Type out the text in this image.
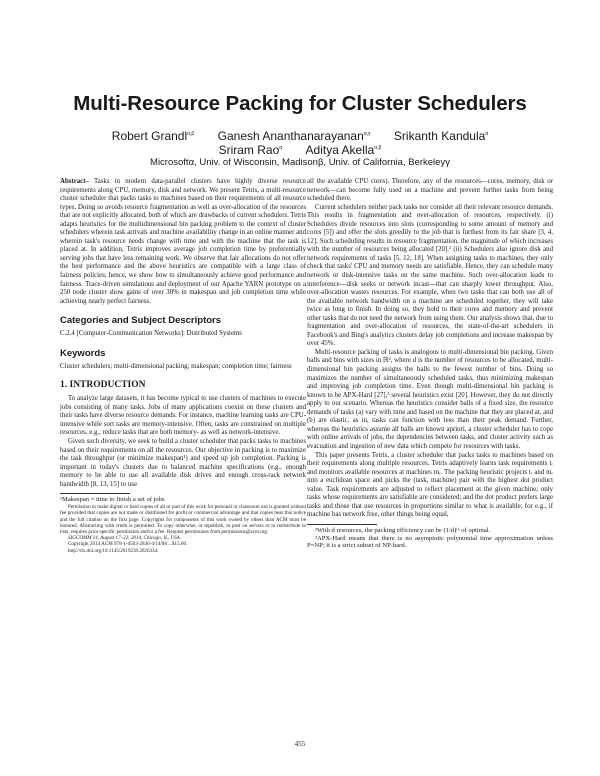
Multi-Resource Packing for Cluster Schedulers
Robert Grandl$^{\alpha,\beta}$ Ganesh Ananthanarayanan$^{\alpha,\gamma}$ Srikanth Kandula$^\alpha$
Sriram Rao$^\alpha$ Aditya Akella$^{\alpha,\beta}$

Microsoftα, Univ. of Wisconsin, Madisonβ, Univ. of California, Berkeleyγ

Abstract– Tasks in modern data-parallel clusters have highly diverse resource requirements along CPU, memory, disk and network. We present Tetris, a multi-resource cluster scheduler that packs tasks to machines based on their requirements of all resource types. Doing so avoids resource fragmentation as well as over-allocation of the resources that are not explicitly allocated, both of which are drawbacks of current schedulers. Tetris adapts heuristics for the multidimensional bin packing problem to the context of cluster schedulers wherein task arrivals and machine availability change in an online manner and wherein task's resource needs change with time and with the machine that the task is placed at. In addition, Tetris improves average job completion time by preferentially serving jobs that have less remaining work. We observe that fair allocations do not offer the best performance and the above heuristics are compatible with a large class of fairness policies; hence, we show how to simultaneously achieve good performance and fairness. Trace-driven simulations and deployment of our Apache YARN prototype on a 250 node cluster show gains of over 30% in makespan and job completion time while achieving nearly perfect fairness.

Categories and Subject Descriptors

C.2.4 [Computer-Communication Networks]: Distributed Systems

Keywords

Cluster schedulers; multi-dimensional packing; makespan; completion time; fairness

1. INTRODUCTION

To analyze large datasets, it has become typical to use clusters of machines to execute jobs consisting of many tasks. Jobs of many applications coexist on these clusters and their tasks have diverse resource demands. For instance, machine learning tasks are CPU-intensive while sort tasks are memory-intensive. Often, tasks are constrained on multiple resources, e.g., reduce tasks that are both memory- as well as network-intensive.

Given such diversity, we seek to build a cluster scheduler that packs tasks to machines based on their requirements on all the resources. Our objective in packing is to maximize the task throughput (or minimize makespan¹) and speed up job completion. Packing is important in today's clusters due to balanced machine specifications (e.g., enough memory to be able to use all available disk drives and enough cross-rack network bandwidth [8, 13, 15] to use

¹Makespan = time to finish a set of jobs

Permission to make digital or hard copies of all or part of this work for personal or classroom use is granted without fee provided that copies are not made or distributed for profit or commercial advantage and that copies bear this notice and the full citation on the first page. Copyrights for components of this work owned by others than ACM must be honored. Abstracting with credit is permitted. To copy otherwise, or republish, to post on servers or to redistribute to lists, requires prior specific permission and/or a fee. Request permissions from permissions@acm.org.

SIGCOMM'14, August 17–22, 2014, Chicago, IL, USA.

Copyright 2014 ACM 978-1-4503-2836-4/14/08 ...$15.00.

http://dx.doi.org/10.1145/2619239.2626334.

all the available CPU cores). Therefore, any of the resources—cores, memory, disk or network—can become fully used on a machine and prevent further tasks from being scheduled there.

Current schedulers neither pack tasks nor consider all their relevant resource demands. This results in fragmentation and over-allocation of resources, respectively. (i) Schedulers divide resources into slots (corresponding to some amount of memory and cores [5]) and offer the slots greedily to the job that is furthest from its fair share [3, 4, 12]. Such scheduling results in resource fragmentation, the magnitude of which increases with the number of resources being allocated [20].² (ii) Schedulers also ignore disk and network requirements of tasks [5, 12, 18]. When assigning tasks to machines, they only check that tasks' CPU and memory needs are satisfiable. Hence, they can schedule many network or disk-intensive tasks on the same machine. Such over-allocation leads to interference—disk seeks or network incast—that can sharply lower throughput. Also, over-allocation wastes resources. For example, when two tasks that can both use all of the available network bandwidth on a machine are scheduled together, they will take twice as long to finish. In doing so, they hold to their cores and memory and prevent other tasks that do not need the network from using them. Our analysis shows that, due to fragmentation and over-allocation of resources, the state-of-the-art schedulers in Facebook's and Bing's analytics clusters delay job completions and increase makespan by over 45%.

Multi-resource packing of tasks is analogous to multi-dimensional bin packing. Given balls and bins with sizes in ℝᵈ, where d is the number of resources to be allocated, multi-dimensional bin packing assigns the balls to the fewest number of bins. Doing so maximizes the number of simultaneously scheduled tasks, thus minimizing makespan and improving job completion time. Even though multi-dimensional bin packing is known to be APX-Hard [27],³ several heuristics exist [20]. However, they do not directly apply to our scenario. Whereas the heuristics consider balls of a fixed size, the resource demands of tasks (a) vary with time and based on the machine that they are placed at, and (b) are elastic, as in, tasks can function with less than their peak demand. Further, whereas the heuristics assume all balls are known apriori, a cluster scheduler has to cope with online arrivals of jobs, the dependencies between tasks, and cluster activity such as evacuation and ingestion of new data which compete for resources with tasks.

This paper presents Tetris, a cluster scheduler that packs tasks to machines based on their requirements along multiple resources. Tetris adaptively learns task requirements tᵣ and monitors available resources at machines mᵣ. The packing heuristic projects tᵣ and mᵣ into a euclidean space and picks the (task, machine) pair with the highest dot product value. Task requirements are adjusted to reflect placement at the given machine; only tasks whose requirements are satisfiable are considered; and the dot product prefers large tasks and those that use resources in proportions similar to what is available; for e.g., if machine has network free, other things being equal,

²With d resources, the packing efficiency can be (1/d)ᵗʰ of optimal.

³APX-Hard means that there is no asymptotic polynomial time approximation unless P=NP; it is a strict subset of NP-hard.

455
